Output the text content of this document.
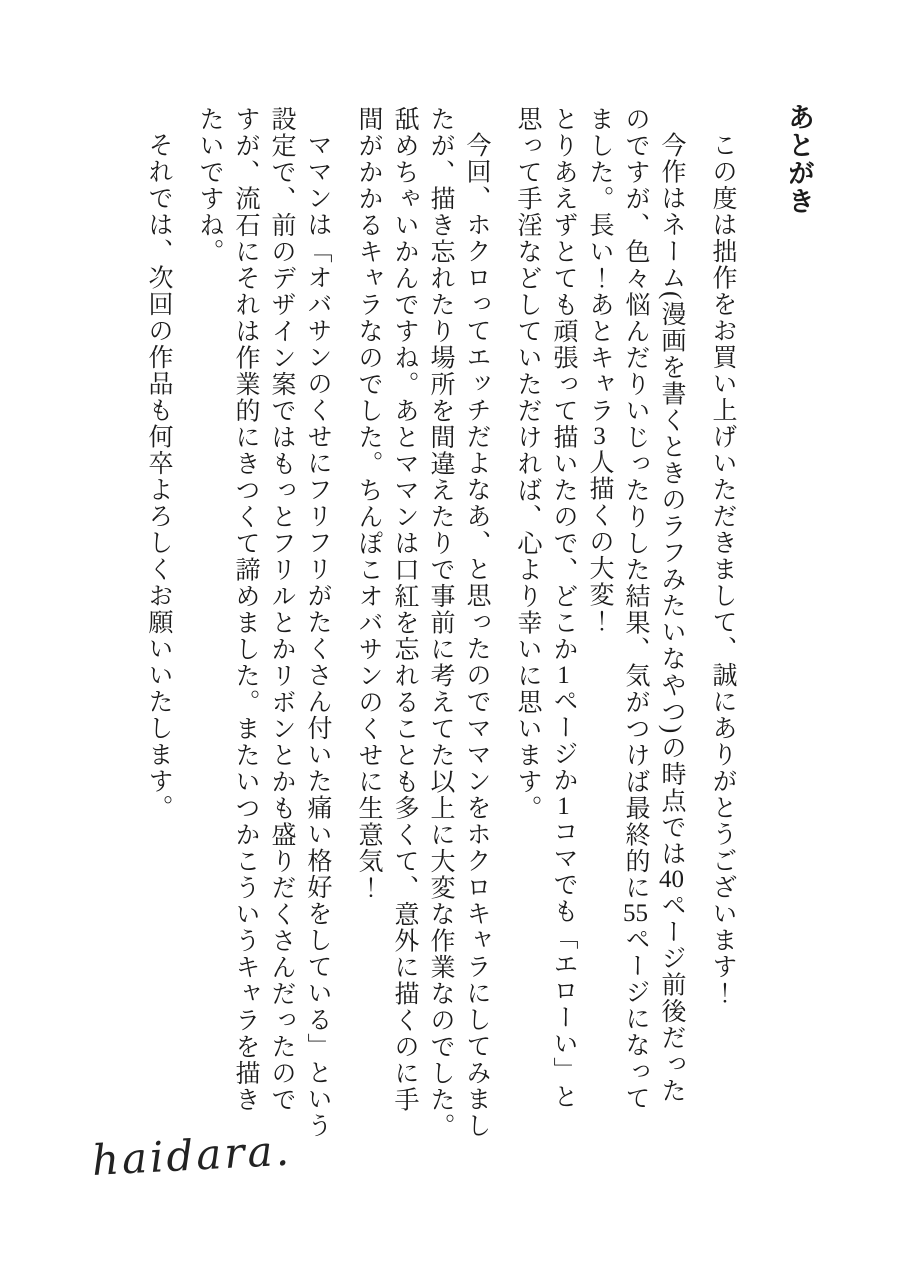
あとがき

この度は拙作をお買い上げいただきまして、誠にありがとうございます！

今作はネーム(漫画を書くときのラフみたいなやつ)の時点では40ページ前後だった
のですが、色々悩んだりいじったりした結果、気がつけば最終的に55ページになって
ました。長い！あとキャラ3人描くの大変！
とりあえずとても頑張って描いたので、どこか1ページか1コマでも「エローい」と
思って手淫などしていただければ、心より幸いに思います。

今回、ホクロってエッチだよなあ、と思ったのでママンをホクロキャラにしてみまし
たが、描き忘れたり場所を間違えたりで事前に考えてた以上に大変な作業なのでした。
舐めちゃいかんですね。あとママンは口紅を忘れることも多くて、意外に描くのに手
間がかかるキャラなのでした。ちんぽこオバサンのくせに生意気！

ママンは「オバサンのくせにフリフリがたくさん付いた痛い格好をしている」という
設定で、前のデザイン案ではもっとフリルとかリボンとかも盛りだくさんだったので
すが、流石にそれは作業的にきつくて諦めました。またいつかこういうキャラを描き
たいですね。

それでは、次回の作品も何卒よろしくお願いいたします。

haidara.
